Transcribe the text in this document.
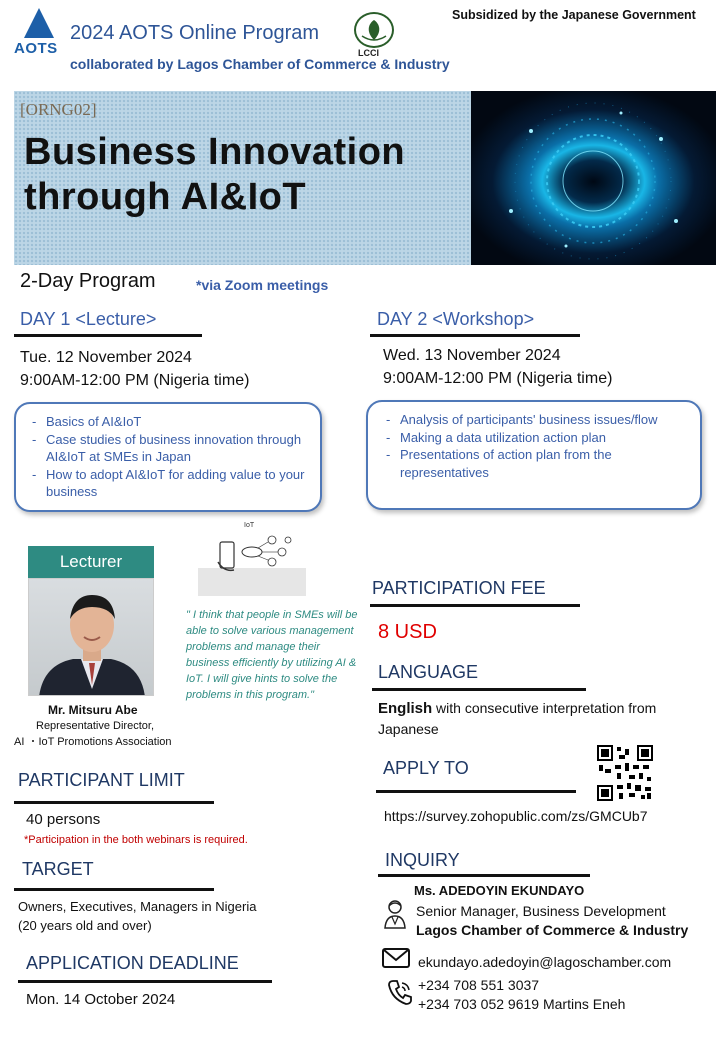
AOTS
2024 AOTS Online Program
LCCI
Subsidized by the Japanese Government
collaborated by Lagos Chamber of Commerce & Industry
[ORNG02]
Business Innovation
through AI&IoT
2-Day Program	*via Zoom meetings
DAY 1 <Lecture>
Tue. 12 November 2024
9:00AM-12:00 PM (Nigeria time)
- Basics of AI&IoT
- Case studies of business innovation through AI&IoT at SMEs in Japan
- How to adopt AI&IoT for adding value to your business
DAY 2 <Workshop>
Wed. 13 November 2024
9:00AM-12:00 PM (Nigeria time)
- Analysis of participants' business issues/flow
- Making a data utilization action plan
- Presentations of action plan from the representatives
Lecturer
Mr. Mitsuru Abe
Representative Director,
AI ・IoT Promotions Association
IoT
" I think that people in SMEs will be able to solve various management problems and manage their business efficiently by utilizing AI & IoT. I will give hints to solve the problems in this program."
PARTICIPATION FEE
8 USD
LANGUAGE
English with consecutive interpretation from Japanese
APPLY TO
https://survey.zohopublic.com/zs/GMCUb7
INQUIRY
Ms. ADEDOYIN EKUNDAYO
Senior Manager, Business Development
Lagos Chamber of Commerce & Industry
ekundayo.adedoyin@lagoschamber.com
+234 708 551 3037
+234 703 052 9619 Martins Eneh
PARTICIPANT LIMIT
40 persons
*Participation in the both webinars is required.
TARGET
Owners, Executives, Managers in Nigeria
(20 years old and over)
APPLICATION DEADLINE
Mon. 14 October 2024
